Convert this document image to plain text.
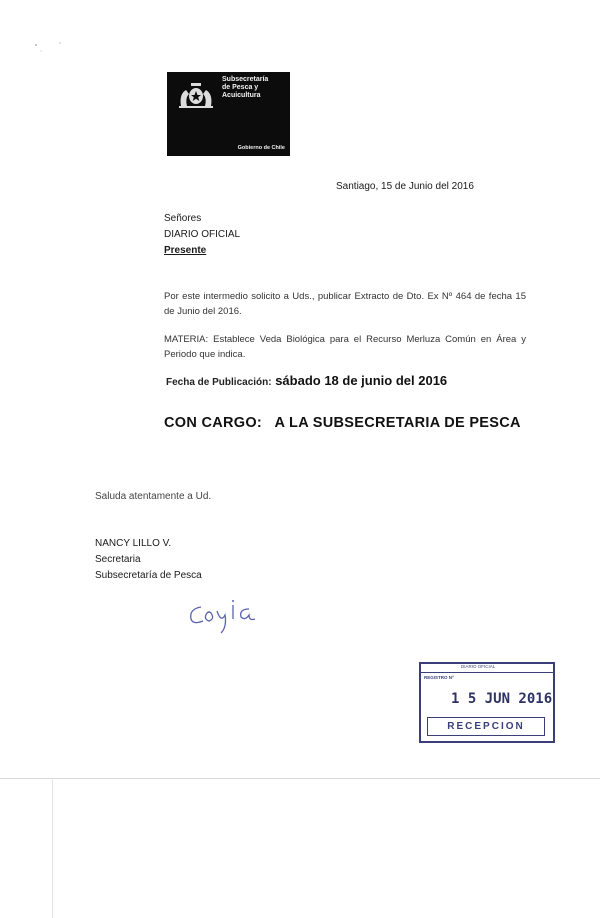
Subsecretaría
de Pesca y
Acuicultura
Gobierno de Chile
Santiago, 15 de Junio del 2016
Señores
DIARIO OFICIAL
Presente
Por este intermedio solicito a Uds., publicar Extracto de Dto. Ex Nº 464 de fecha 15 de Junio del 2016.
MATERIA: Establece Veda Biológica para el Recurso Merluza Común en Área y Periodo que indica.
Fecha de Publicación: sábado 18 de junio del 2016
CON CARGO:   A LA SUBSECRETARIA DE PESCA
Saluda atentamente a Ud.
NANCY LILLO V.
Secretaria
Subsecretaría de Pesca
DIARIO OFICIAL
REGISTRO Nº
1 5 JUN 2016
RECEPCION
